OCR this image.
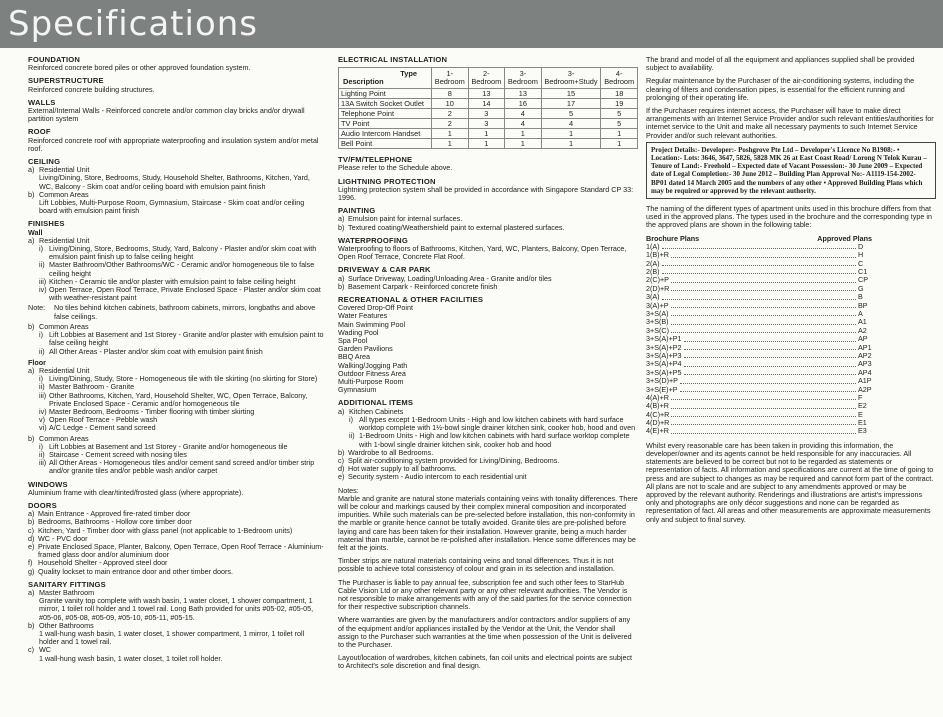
Specifications
FOUNDATION

Reinforced concrete bored piles or other approved foundation system.

SUPERSTRUCTURE

Reinforced concrete building structures.

WALLS

External/Internal Walls - Reinforced concrete and/or common clay bricks and/or drywall partition system

ROOF

Reinforced concrete roof with appropriate waterproofing and insulation system and/or metal roof.

CEILING
a) Residential Unit

Living/Dining, Store, Bedrooms, Study, Household Shelter, Bathrooms, Kitchen, Yard, WC, Balcony - Skim coat and/or ceiling board with emulsion paint finish

b) Common Areas

Lift Lobbies, Multi-Purpose Room, Gymnasium, Staircase - Skim coat and/or ceiling board with emulsion paint finish

FINISHES
Wall
a) Residential Unit
i) Living/Dining, Store, Bedrooms, Study, Yard, Balcony - Plaster and/or skim coat with emulsion paint finish up to false ceiling height
ii) Master Bathroom/Other Bathrooms/WC - Ceramic and/or homogeneous tile to false ceiling height
iii) Kitchen - Ceramic tile and/or plaster with emulsion paint to false ceiling height
iv) Open Terrace, Open Roof Terrace, Private Enclosed Space - Plaster and/or skim coat with weather-resistant paint
Note:	No tiles behind kitchen cabinets, bathroom cabinets, mirrors, longbaths and above false ceilings.
b) Common Areas
i) Lift Lobbies at Basement and 1st Storey - Granite and/or plaster with emulsion paint to false ceiling height
ii) All Other Areas - Plaster and/or skim coat with emulsion paint finish
Floor
a) Residential Unit
i) Living/Dining, Study, Store - Homogeneous tile with tile skirting (no skirting for Store)
ii) Master Bathroom - Granite
iii) Other Bathrooms, Kitchen, Yard, Household Shelter, WC, Open Terrace, Balcony, Private Enclosed Space - Ceramic and/or homogeneous tile
iv) Master Bedroom, Bedrooms - Timber flooring with timber skirting
v) Open Roof Terrace - Pebble wash
vi) A/C Ledge - Cement sand screed
b) Common Areas
i) Lift Lobbies at Basement and 1st Storey - Granite and/or homogeneous tile
ii) Staircase - Cement screed with nosing tiles
iii) All Other Areas - Homogeneous tiles and/or cement sand screed and/or timber strip and/or granite tiles and/or pebble wash and/or carpet
WINDOWS

Aluminium frame with clear/tinted/frosted glass (where appropriate).

DOORS
a) Main Entrance - Approved fire-rated timber door
b) Bedrooms, Bathrooms - Hollow core timber door
c) Kitchen, Yard - Timber door with glass panel (not applicable to 1-Bedroom units)
d) WC - PVC door
e) Private Enclosed Space, Planter, Balcony, Open Terrace, Open Roof Terrace - Aluminium-framed glass door and/or aluminium door
f) Household Shelter - Approved steel door
g) Quality lockset to main entrance door and other timber doors.
SANITARY FITTINGS
a) Master Bathroom

Granite vanity top complete with wash basin, 1 water closet, 1 shower compartment, 1 mirror, 1 toilet roll holder and 1 towel rail. Long Bath provided for units #05-02, #05-05, #05-06, #05-08, #05-09, #05-10, #05-11, #05-15.

b) Other Bathrooms

1 wall-hung wash basin, 1 water closet, 1 shower compartment, 1 mirror, 1 toilet roll holder and 1 towel rail.

c) WC

1 wall-hung wash basin, 1 water closet, 1 toilet roll holder.

ELECTRICAL INSTALLATION
Type
Description	1-Bedroom	2-Bedroom	3-Bedroom	3-Bedroom+Study	4-Bedroom
Lighting Point	8	13	13	15	18
13A Switch Socket Outlet	10	14	16	17	19
Telephone Point	2	3	4	5	5
TV Point	2	3	4	4	5
Audio Intercom Handset	1	1	1	1	1
Bell Point	1	1	1	1	1
TV/FM/TELEPHONE

Please refer to the Schedule above.

LIGHTNING PROTECTION

Lightning protection system shall be provided in accordance with Singapore Standard CP 33: 1996.

PAINTING
a) Emulsion paint for internal surfaces.
b) Textured coating/Weathershield paint to external plastered surfaces.
WATERPROOFING

Waterproofing to floors of Bathrooms, Kitchen, Yard, WC, Planters, Balcony, Open Terrace, Open Roof Terrace, Concrete Flat Roof.

DRIVEWAY & CAR PARK
a) Surface Driveway, Loading/Unloading Area - Granite and/or tiles
b) Basement Carpark - Reinforced concrete finish
RECREATIONAL & OTHER FACILITIES
Covered Drop-Off Point
Water Features
Main Swimming Pool
Wading Pool
Spa Pool
Garden Pavilions
BBQ Area
Walking/Jogging Path
Outdoor Fitness Area
Multi-Purpose Room
Gymnasium
ADDITIONAL ITEMS
a) Kitchen Cabinets
i) All types except 1-Bedroom Units - High and low kitchen cabinets with hard surface worktop complete with 1½-bowl single drainer kitchen sink, cooker hob, hood and oven
ii) 1-Bedroom Units - High and low kitchen cabinets with hard surface worktop complete with 1-bowl single drainer kitchen sink, cooker hob and hood
b) Wardrobe to all Bedrooms.
c) Split air-conditioning system provided for Living/Dining, Bedrooms.
d) Hot water supply to all bathrooms.
e) Security system - Audio intercom to each residential unit

Notes:

Marble and granite are natural stone materials containing veins with tonality differences. There will be colour and markings caused by their complex mineral composition and incorporated impurities. While such materials can be pre-selected before installation, this non-conformity in the marble or granite hence cannot be totally avoided. Granite tiles are pre-polished before laying and care has been taken for their installation. However granite, being a much harder material than marble, cannot be re-polished after installation. Hence some differences may be felt at the joints.

Timber strips are natural materials containing veins and tonal differences. Thus it is not possible to achieve total consistency of colour and grain in its selection and installation.

The Purchaser is liable to pay annual fee, subscription fee and such other fees to StarHub Cable Vision Ltd or any other relevant party or any other relevant authorities. The Vendor is not responsible to make arrangements with any of the said parties for the service connection for their respective subscription channels.

Where warranties are given by the manufacturers and/or contractors and/or suppliers of any of the equipment and/or appliances installed by the Vendor at the Unit, the Vendor shall assign to the Purchaser such warranties at the time when possession of the Unit is delivered to the Purchaser.

Layout/location of wardrobes, kitchen cabinets, fan coil units and electrical points are subject to Architect's sole discretion and final design.

The brand and model of all the equipment and appliances supplied shall be provided subject to availability.

Regular maintenance by the Purchaser of the air-conditioning systems, including the clearing of filters and condensation pipes, is essential for the efficient running and prolonging of their operating life.

If the Purchaser requires internet access, the Purchaser will have to make direct arrangements with an Internet Service Provider and/or such relevant entities/authorities for internet service to the Unit and make all necessary payments to such Internet Service Provider and/or such relevant authorities.

Project Details:- Developer:- Poshgrove Pte Ltd – Developer's Licence No B1908:- • Location:- Lots: 3646, 3647, 5826, 5828 MK 26 at East Coast Road/ Lorong N Telok Kurau – Tenure of Land:- Freehold – Expected date of Vacant Possession:- 30 June 2009 – Expected date of Legal Completion:- 30 June 2012 – Building Plan Approval No:- A1119-154-2002-BP01 dated 14 March 2005 and the numbers of any other • Approved Building Plans which may be required or approved by the relevant authority.

The naming of the different types of apartment units used in this brochure differs from that used in the approved plans. The types used in the brochure and the corresponding type in the approved plans are shown in the following table:

Brochure Plans	Approved Plans
1(A)	D
1(B)+R	H
2(A)	C
2(B)	C1
2(C)+P	CP
2(D)+R	G
3(A)	B
3(A)+P	BP
3+S(A)	A
3+S(B)	A1
3+S(C)	A2
3+S(A)+P1	AP
3+S(A)+P2	AP1
3+S(A)+P3	AP2
3+S(A)+P4	AP3
3+S(A)+P5	AP4
3+S(D)+P	A1P
3+S(E)+P	A2P
4(A)+R	F
4(B)+R	E2
4(C)+R	E
4(D)+R	E1
4(E)+R	E3

Whilst every reasonable care has been taken in providing this information, the developer/owner and its agents cannot be held responsible for any inaccuracies. All statements are believed to be correct but not to be regarded as statements or representation of facts. All information and specifications are current at the time of going to press and are subject to changes as may be required and cannot form part of the contract. All plans are not to scale and are subject to any amendments approved or may be approved by the relevant authority. Renderings and illustrations are artist's impressions only and photographs are only décor suggestions and none can be regarded as representation of fact. All areas and other measurements are approximate measurements only and subject to final survey.
